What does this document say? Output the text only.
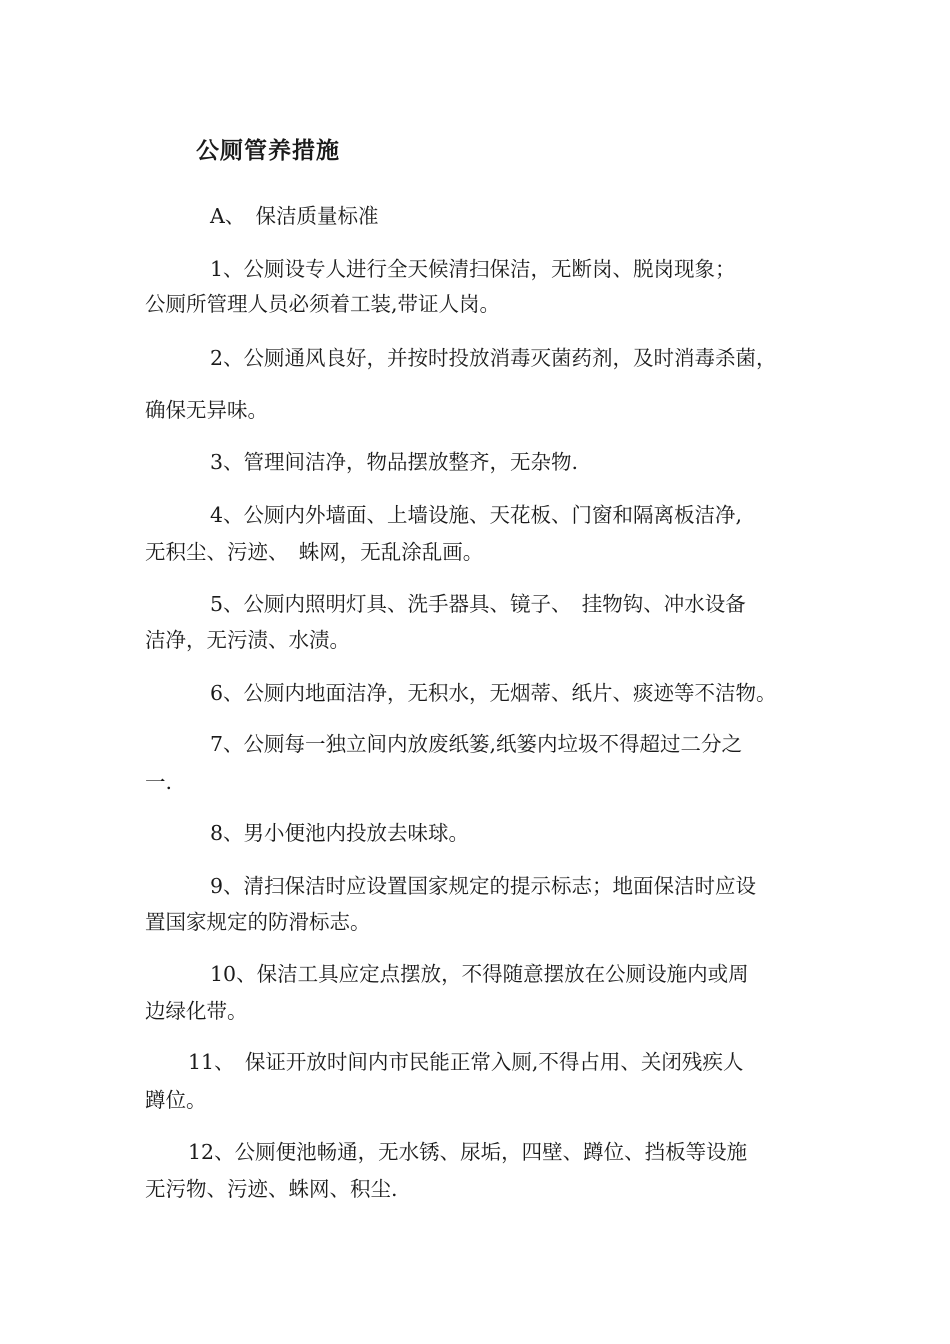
公厕管养措施
A、　保洁质量标准
1、公厕设专人进行全天候清扫保洁，无断岗、脱岗现象；
公厕所管理人员必须着工装,带证人岗。
2、公厕通风良好，并按时投放消毒灭菌药剂，及时消毒杀菌，
确保无异味。
3、管理间洁净，物品摆放整齐，无杂物.
4、公厕内外墙面、上墙设施、天花板、门窗和隔离板洁净,
无积尘、污迹、　蛛网，无乱涂乱画。
5、公厕内照明灯具、洗手器具、镜子、　挂物钩、冲水设备
洁净，无污渍、水渍。
6、公厕内地面洁净，无积水，无烟蒂、纸片、痰迹等不洁物。
7、公厕每一独立间内放废纸篓,纸篓内垃圾不得超过二分之
一.
8、男小便池内投放去味球。
9、清扫保洁时应设置国家规定的提示标志；地面保洁时应设
置国家规定的防滑标志。
10、保洁工具应定点摆放，不得随意摆放在公厕设施内或周
边绿化带。
11、　保证开放时间内市民能正常入厕,不得占用、关闭残疾人
蹲位。
12、公厕便池畅通，无水锈、尿垢，四壁、蹲位、挡板等设施
无污物、污迹、蛛网、积尘.
